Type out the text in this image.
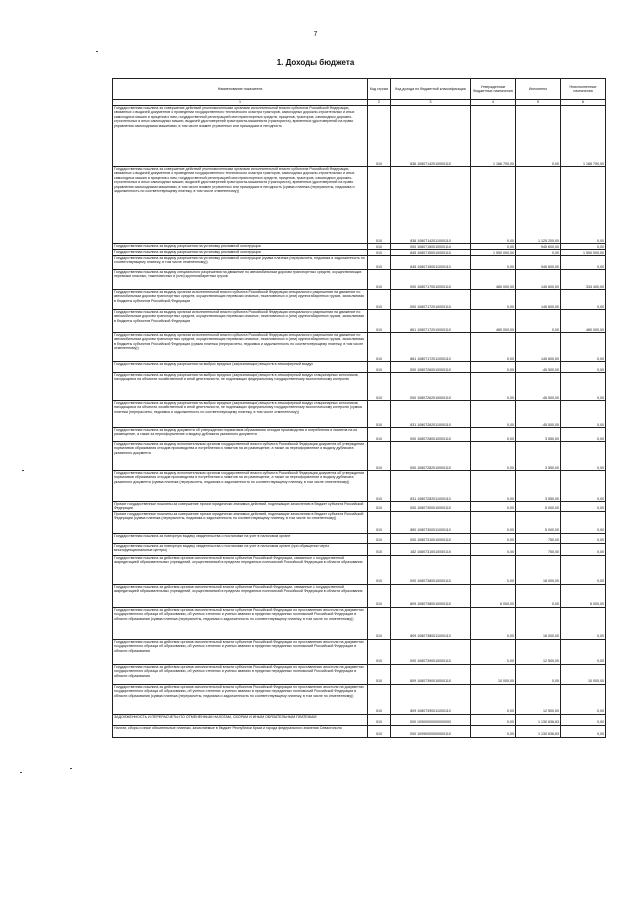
7
1. Доходы бюджета
Наименование показателя	Код строки	Код дохода по бюджетной классификации	Утвержденные бюджетные назначения	Исполнено	Неисполненные назначения
1	2	3	4	5	6
Государственная пошлина за совершение действий уполномоченными органами исполнительной власти субъектов Российской Федерации, связанных с выдачей документов о проведении государственного технического осмотра тракторов, самоходных дорожно-строительных и иных самоходных машин и прицепов к ним, государственной регистрацией мототранспортных средств, прицепов, тракторов, самоходных дорожно-строительных и иных самоходных машин, выдачей удостоверений тракториста-машиниста (тракториста), временных удостоверений на право управления самоходными машинами, в том числе взамен утраченных или пришедших в негодность	010	836 10807142010000110	1 166 700,00	0,00	1 166 700,00
Государственная пошлина за совершение действий уполномоченными органами исполнительной власти субъектов Российской Федерации, связанных с выдачей документов о проведении государственного технического осмотра тракторов, самоходных дорожно-строительных и иных самоходных машин и прицепов к ним, государственной регистрацией мототранспортных средств, прицепов, тракторов, самоходных дорожно-строительных и иных самоходных машин, выдачей удостоверений тракториста-машиниста (тракториста), временных удостоверений на право управления самоходными машинами, в том числе взамен утраченных или пришедших в негодность (сумма платежа (перерасчеты, недоимка и задолженность по соответствующему платежу, в том числе отмененному))	010	836 10807142011000110	0,00	1 125 200,00	0,00
Государственная пошлина за выдачу разрешения на установку рекламной конструкции	010	000 10807150010000110	0,00	945 600,00	0,00
Государственная пошлина за выдачу разрешения на установку рекламной конструкции	010	845 10807150010000110	1 550 000,00	0,00	1 550 000,00
Государственная пошлина за выдачу разрешения на установку рекламной конструкции (сумма платежа (перерасчеты, недоимка и задолженность по соответствующему платежу, в том числе отмененному))	010	845 10807150011000110	0,00	945 600,00	0,00
Государственная пошлина за выдачу специального разрешения на движение по автомобильным дорогам транспортных средств, осуществляющих перевозки опасных, тяжеловесных и (или) крупногабаритных грузов	010	000 10807170010000110	480 000,00	145 600,00	334 400,00
Государственная пошлина за выдачу органом исполнительной власти субъекта Российской Федерации специального разрешения на движение по автомобильным дорогам транспортных средств, осуществляющих перевозки опасных, тяжеловесных и (или) крупногабаритных грузов, зачисляемая в бюджеты субъектов Российской Федерации	010	000 10807172010000110	0,00	145 600,00	0,00
Государственная пошлина за выдачу органом исполнительной власти субъекта Российской Федерации специального разрешения на движение по автомобильным дорогам транспортных средств, осуществляющих перевозки опасных, тяжеловесных и (или) крупногабаритных грузов, зачисляемая в бюджеты субъектов Российской Федерации	010	861 10807172010000110	480 000,00	0,00	480 000,00
Государственная пошлина за выдачу органом исполнительной власти субъекта Российской Федерации специального разрешения на движение по автомобильным дорогам транспортных средств, осуществляющих перевозки опасных, тяжеловесных и (или) крупногабаритных грузов, зачисляемая в бюджеты субъектов Российской Федерации (сумма платежа (перерасчеты, недоимка и задолженность по соответствующему платежу, в том числе отмененному))	010	861 10807172011000110	0,00	145 600,00	0,00
Государственная пошлина за выдачу разрешения на выброс вредных (загрязняющих) веществ в атмосферный воздух	010	000 10807260010000110	0,00	-45 500,00	0,00
Государственная пошлина за выдачу разрешения на выброс вредных (загрязняющих) веществ в атмосферный воздух стационарных источников, находящихся на объектах хозяйственной и иной деятельности, не подлежащих федеральному государственному экологическому контролю	010	000 10807262010000110	0,00	-45 500,00	0,00
Государственная пошлина за выдачу разрешения на выброс вредных (загрязняющих) веществ в атмосферный воздух стационарных источников, находящихся на объектах хозяйственной и иной деятельности, не подлежащих федеральному государственному экологическому контролю (сумма платежа (перерасчеты, недоимка и задолженность по соответствующему платежу, в том числе отмененному))	010	831 10807262011000110	0,00	-45 500,00	0,00
Государственная пошлина за выдачу документа об утверждении нормативов образования отходов производства и потребления и лимитов на их размещение, а также за переоформление и выдачу дубликата указанного документа	010	000 10807280010000110	0,00	3 550,00	0,00
Государственная пошлина за выдачу исполнительным органом государственной власти субъекта Российской Федерации документа об утверждении нормативов образования отходов производства и потребления и лимитов на их размещение, а также за переоформление и выдачу дубликата указанного документа	010	000 10807282010000110	0,00	3 550,00	0,00
Государственная пошлина за выдачу исполнительным органом государственной власти субъекта Российской Федерации документа об утверждении нормативов образования отходов производства и потребления и лимитов на их размещение, а также за переоформление и выдачу дубликата указанного документа (сумма платежа (перерасчеты, недоимка и задолженность по соответствующему платежу, в том числе отмененному))	010	831 10807282011000110	0,00	3 550,00	0,00
Прочие государственные пошлины за совершение прочих юридически значимых действий, подлежащие зачислению в бюджет субъекта Российской Федерации	010	000 10807300010000110	0,00	5 000,00	0,00
Прочие государственные пошлины за совершение прочих юридически значимых действий, подлежащие зачислению в бюджет субъекта Российской Федерации (сумма платежа (перерасчеты, недоимка и задолженность по соответствующему платежу, в том числе по отмененному))	010	850 10807300011000110	0,00	5 000,00	0,00
Государственная пошлина за повторную выдачу свидетельства о постановке на учет в налоговом органе	010	000 10807310010000110	0,00	750,00	0,00
Государственная пошлина за повторную выдачу свидетельства о постановке на учет в налоговом органе (при обращении через многофункциональные центры)	010	182 10807310010000110	0,00	750,00	0,00
Государственная пошлина за действия органов исполнительной власти субъектов Российской Федерации, связанные с государственной аккредитацией образовательных учреждений, осуществляемой в пределах переданных полномочий Российской Федерации в области образования	010	000 10807380010000110	0,00	18 000,00	0,00
Государственная пошлина за действия органов исполнительной власти субъектов Российской Федерации, связанные с государственной аккредитацией образовательных учреждений, осуществляемой в пределах переданных полномочий Российской Федерации в области образования	010	809 10807380010000110	6 000,00	0,00	6 000,00
Государственная пошлина за действия органов исполнительной власти субъектов Российской Федерации по проставлению апостиля на документах государственного образца об образовании, об ученых степенях и ученых званиях в пределах переданных полномочий Российской Федерации в области образования (сумма платежа (перерасчеты, недоимка и задолженность по соответствующему платежу, в том числе по отмененному))	010	809 10807380011000110	0,00	18 000,00	0,00
Государственная пошлина за действия органов исполнительной власти субъектов Российской Федерации по проставлению апостиля на документах государственного образца об образовании, об ученых степенях и ученых званиях в пределах переданных полномочий Российской Федерации в области образования	010	000 10807390010000110	0,00	12 500,00	0,00
Государственная пошлина за действия органов исполнительной власти субъектов Российской Федерации по проставлению апостиля на документах государственного образца об образовании, об ученых степенях и ученых званиях в пределах переданных полномочий Российской Федерации в области образования	010	809 10807390010000110	10 000,00	0,00	10 000,00
Государственная пошлина за действия органов исполнительной власти субъектов Российской Федерации по проставлению апостиля на документах государственного образца об образовании, об ученых степенях и ученых званиях в пределах переданных полномочий Российской Федерации в области образования (сумма платежа (перерасчеты, недоимка и задолженность по соответствующему платежу, в том числе по отмененному))	010	809 10807390011000110	0,00	12 500,00	0,00
ЗАДОЛЖЕННОСТЬ И ПЕРЕРАСЧЕТЫ ПО ОТМЕНЕННЫМ НАЛОГАМ, СБОРАМ И ИНЫМ ОБЯЗАТЕЛЬНЫМ ПЛАТЕЖАМ	010	000 10900000000000000	0,00	1 130 636,63	0,00
Налоги, сборы и иные обязательные платежи, зачисляемые в бюджет Республики Крым и города федерального значения Севастополя	010	000 10990000000000110	0,00	1 130 636,63	0,00
